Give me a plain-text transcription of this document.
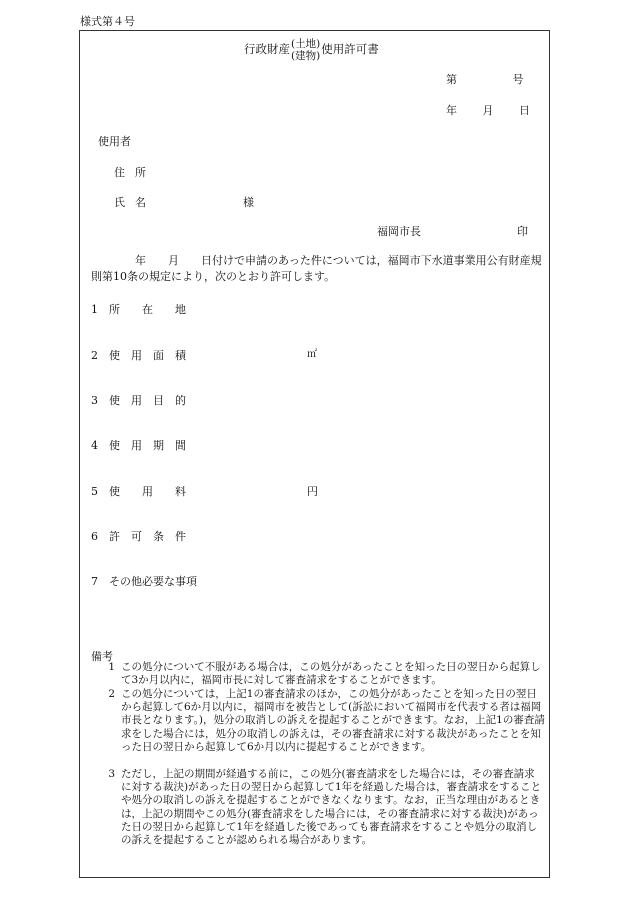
様式第４号
行政財産 (土地)
(建物) 使用許可書
第	号
年 月 日
使用者
住所
氏名	様
福岡市長	印
　　　　年　　月　　日付けで申請のあった件については，福岡市下水道事業用公有財産規則第10条の規定により，次のとおり許可します。
1 所　　在　　地
2 使　用　面　積	㎡
3 使　用　目　的
4 使　用　期　間
5 使　　用　　料	円
6 許　可　条　件
7 その他必要な事項
備考
1 この処分について不服がある場合は，この処分があったことを知った日の翌日から起算して3か月以内に，福岡市長に対して審査請求をすることができます。
2 この処分については，上記1の審査請求のほか，この処分があったことを知った日の翌日から起算して6か月以内に，福岡市を被告として(訴訟において福岡市を代表する者は福岡市長となります。)，処分の取消しの訴えを提起することができます。なお，上記1の審査請求をした場合には，処分の取消しの訴えは，その審査請求に対する裁決があったことを知った日の翌日から起算して6か月以内に提起することができます。
3 ただし，上記の期間が経過する前に，この処分(審査請求をした場合には，その審査請求に対する裁決)があった日の翌日から起算して1年を経過した場合は，審査請求をすることや処分の取消しの訴えを提起することができなくなります。なお，正当な理由があるときは，上記の期間やこの処分(審査請求をした場合には，その審査請求に対する裁決)があった日の翌日から起算して1年を経過した後であっても審査請求をすることや処分の取消しの訴えを提起することが認められる場合があります。
